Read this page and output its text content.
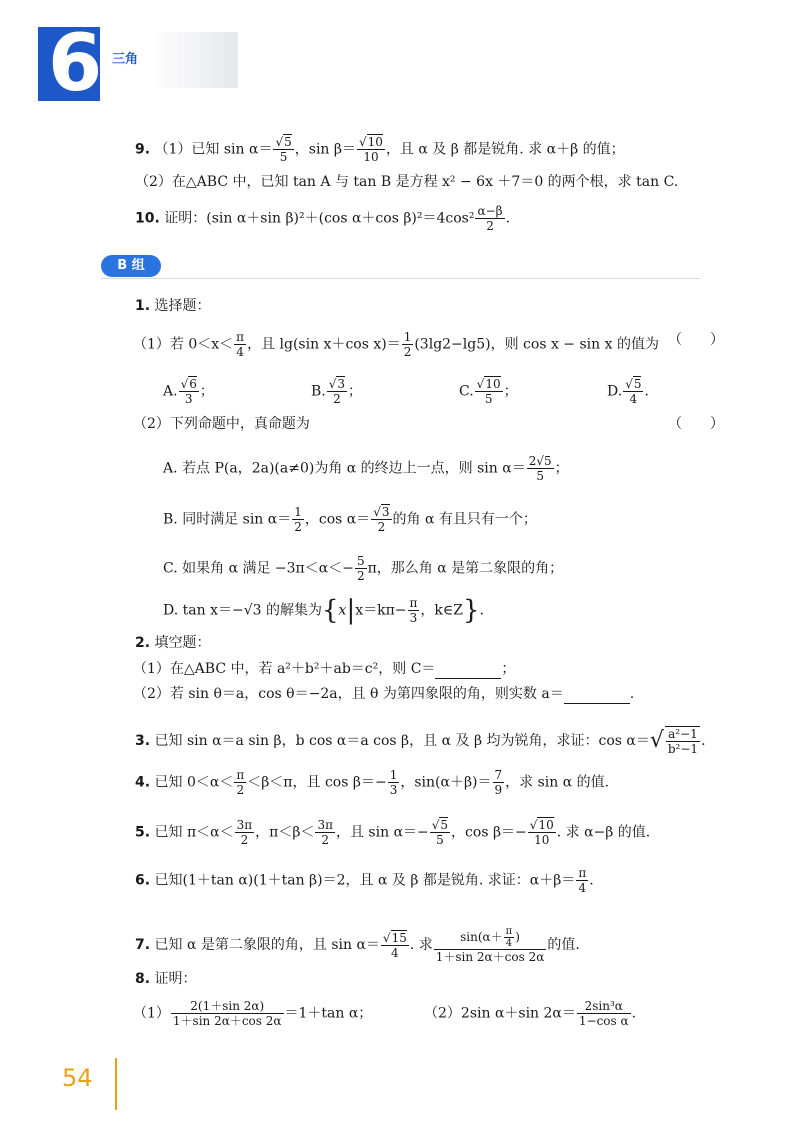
6 三角
9. （1）已知 sin α＝
√ $\frac{5}{5}$ ，sin β＝
√ $\frac{10}{10}$ ，且 α 及 β 都是锐角. 求 α＋β 的值；
（2）在△ABC 中，已知 tan A 与 tan B 是方程 x² − 6x ＋7＝0 的两个根，求 tan C.
10. 证明：(sin α＋sin β)²＋(cos α＋cos $\beta)^2=4\cos^2 \frac{\alpha-\beta}{2}$ .
B 组
1. 选择题：
（1）若 $0<x< \frac{\pi}{4}$ ，且 lg(sin x＋cos $x)= \frac{1}{2} (3\lg 2-\lg 5)$，则 cos x − sin x 的值为 （　　）
A.
√ $\frac{6}{3}$ ；	B.
√ $\frac{3}{2}$ ；	C.
√ $\frac{10}{5}$ ；	D.
√ $\frac{5}{4}$ .
（2）下列命题中，真命题为	（　　）
A. 若点 P(a，2a)(a≠0)为角 α 的终边上一点，则 $\sin \alpha= \frac{2√5}{5}$ ；
B. 同时满足 $\sin \alpha= \frac{1}{2}$ ，cos α＝
√ $\frac{3}{2}$ 的角 α 有且只有一个；
C. 如果角 α 满足 $-3\pi<\alpha<- \frac{5}{2}$ π，那么角 α 是第二象限的角；
D. tan x＝−√3 的解集为{$x|x=k\pi- \frac{\pi}{3}$ ，k∈Z}.
2. 填空题：
（1）在△ABC 中，若 a²＋b²＋ab＝c²，则 C＝	；
（2）若 sin θ＝a，cos θ＝−2a，且 θ 为第四象限的角，则实数 a＝	.
3. 已知 sin α＝a sin β，b cos α＝a cos β，且 α 及 β 均为锐角，求证：$\cos \alpha=√ \frac{\text{a²−1}}{\text{b²−1}}$ .
4. 已知 $0<\alpha< \frac{\pi}{2} <\beta<\pi$，且 $\cos \beta=- \frac{1}{3}$ ，$\sin(\alpha+\beta)= \frac{7}{9}$ ，求 sin α 的值.
5. 已知 $\pi<\alpha< \frac{3\pi}{2}$ ，$\pi<\beta< \frac{3\pi}{2}$ ，且 sin α＝−
√ $\frac{5}{5}$ ，cos β＝−
√ $\frac{10}{10}$ . 求 α−β 的值.
6. 已知(1＋tan α)(1＋tan β)＝2，且 α 及 β 都是锐角. 求证：$\alpha+\beta= \frac{\pi}{4}$ .
7. 已知 α 是第二象限的角，且 sin α＝
√ $\frac{15}{4}$ . 求 $\frac{\sin(\alpha+ \frac{\pi}{4} )}{1+\sin 2\alpha+\cos 2\alpha}$ 的值.
8. 证明：
$(1) \frac{2(1+\sin 2\alpha)}{1+\sin 2\alpha+\cos 2\alpha} =1+\tan$ α；	（2）2sin α＋sin $2\alpha= \frac{\text{2sin³α}}{\text{1−cos α}}$ .
54
